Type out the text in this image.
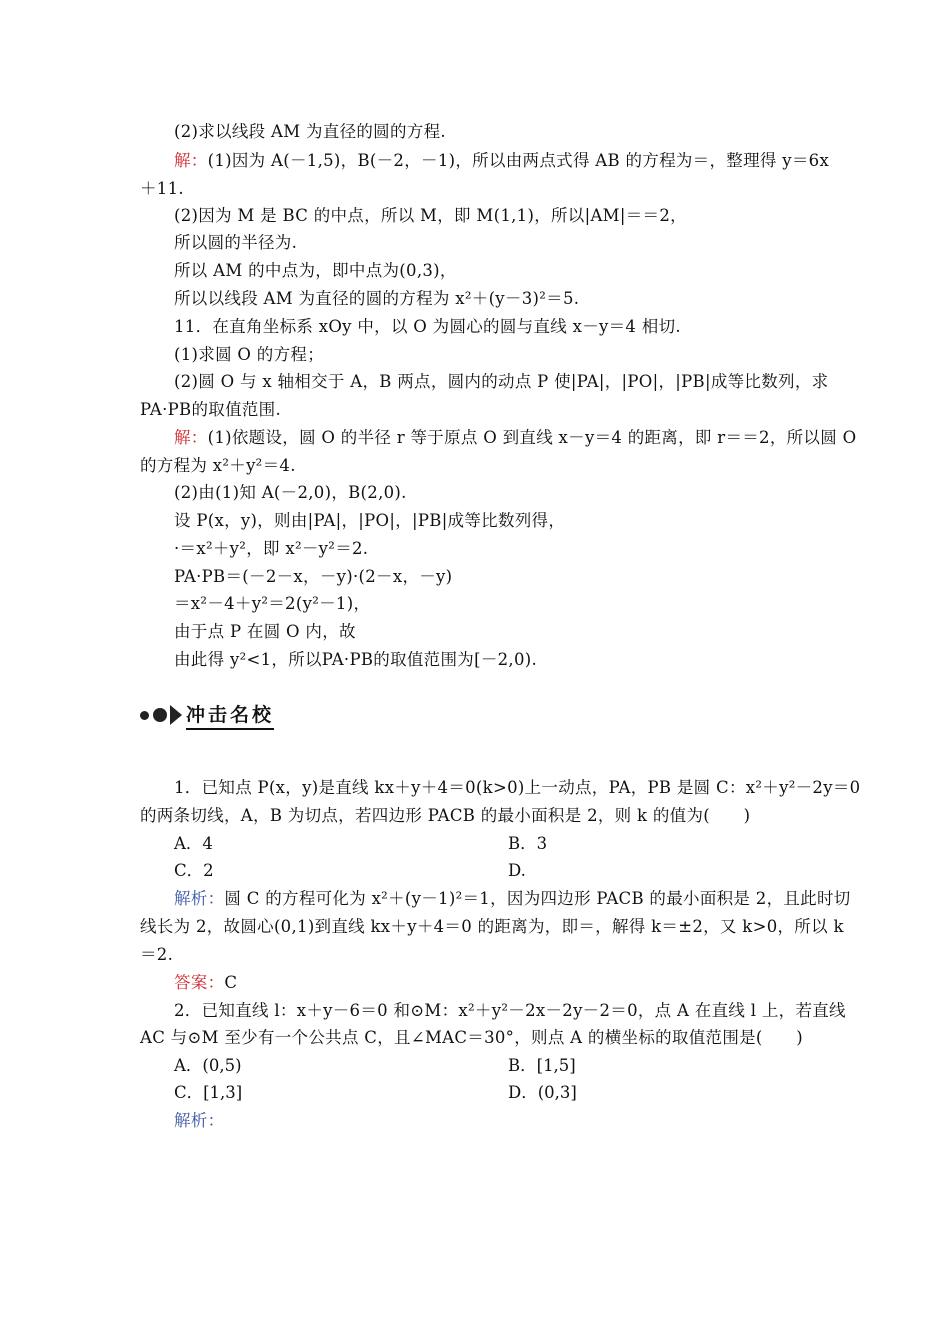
(2)求以线段 AM 为直径的圆的方程.
解：(1)因为 A(－1,5)，B(－2，－1)，所以由两点式得 AB 的方程为＝，整理得 y＝6x
＋11.
(2)因为 M 是 BC 的中点，所以 M，即 M(1,1)，所以|AM|＝＝2，
所以圆的半径为.
所以 AM 的中点为，即中点为(0,3)，
所以以线段 AM 为直径的圆的方程为 x²＋(y－3)²＝5.
11．在直角坐标系 xOy 中，以 O 为圆心的圆与直线 x－y＝4 相切.
(1)求圆 O 的方程；
(2)圆 O 与 x 轴相交于 A，B 两点，圆内的动点 P 使|PA|，|PO|，|PB|成等比数列，求
PA·PB的取值范围.
解：(1)依题设，圆 O 的半径 r 等于原点 O 到直线 x－y＝4 的距离，即 r＝＝2，所以圆 O
的方程为 x²＋y²＝4.
(2)由(1)知 A(－2,0)，B(2,0).
设 P(x，y)，则由|PA|，|PO|，|PB|成等比数列得，
·＝x²＋y²，即 x²－y²＝2.
PA·PB＝(－2－x，－y)·(2－x，－y)
＝x²－4＋y²＝2(y²－1)，
由于点 P 在圆 O 内，故
由此得 y²<1，所以PA·PB的取值范围为[－2,0).
1．已知点 P(x，y)是直线 kx＋y＋4＝0(k>0)上一动点，PA，PB 是圆 C：x²＋y²－2y＝0
的两条切线，A，B 为切点，若四边形 PACB 的最小面积是 2，则 k 的值为(　　)
解析：圆 C 的方程可化为 x²＋(y－1)²＝1，因为四边形 PACB 的最小面积是 2，且此时切
线长为 2，故圆心(0,1)到直线 kx＋y＋4＝0 的距离为，即＝，解得 k＝±2，又 k>0，所以 k
＝2.
答案：C
2．已知直线 l：x＋y－6＝0 和⊙M：x²＋y²－2x－2y－2＝0，点 A 在直线 l 上，若直线
AC 与⊙M 至少有一个公共点 C，且∠MAC＝30°，则点 A 的横坐标的取值范围是(　　)
解析：
A．4	B．3
C．2	D.
A．(0,5)	B．[1,5]
C．[1,3]	D．(0,3]
冲击名校
